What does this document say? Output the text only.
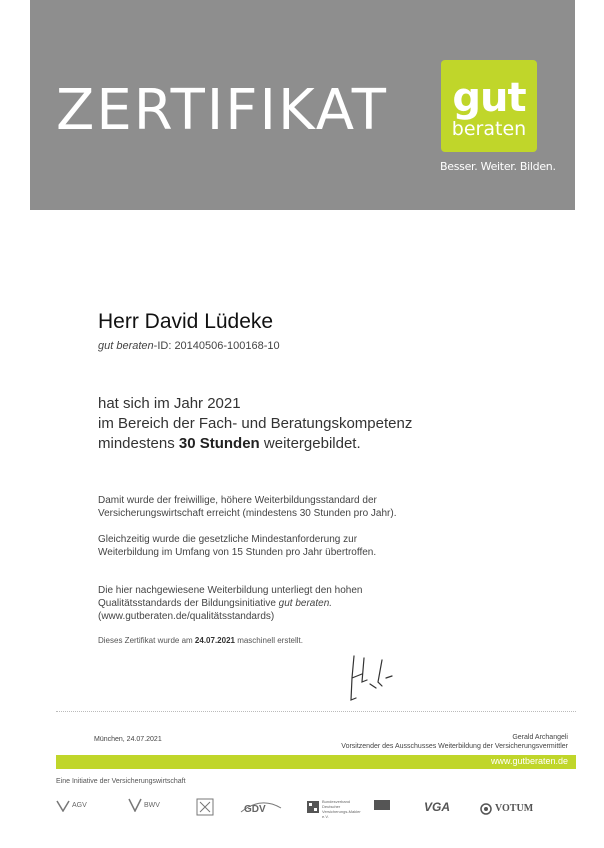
ZERTIFIKAT gut
beraten
Besser. Weiter. Bilden.
Herr David Lüdeke
gut beraten-ID: 20140506-100168-10
hat sich im Jahr 2021
im Bereich der Fach- und Beratungskompetenz
mindestens 30 Stunden weitergebildet.
Damit wurde der freiwillige, höhere Weiterbildungsstandard der
Versicherungswirtschaft erreicht (mindestens 30 Stunden pro Jahr).
Gleichzeitig wurde die gesetzliche Mindestanforderung zur
Weiterbildung im Umfang von 15 Stunden pro Jahr übertroffen.
Die hier nachgewiesene Weiterbildung unterliegt den hohen
Qualitätsstandards der Bildungsinitiative gut beraten.
(www.gutberaten.de/qualitätsstandards)
Dieses Zertifikat wurde am 24.07.2021 maschinell erstellt.
München, 24.07.2021	Gerald Archangeli
Vorsitzender des Ausschusses Weiterbildung der Versicherungsvermittler
www.gutberaten.de
Eine Initiative der Versicherungswirtschaft
AGV	BWV	GDV
Bundesverband Deutscher Versicherungs-Makler e.V.
VGA	VOTUM
